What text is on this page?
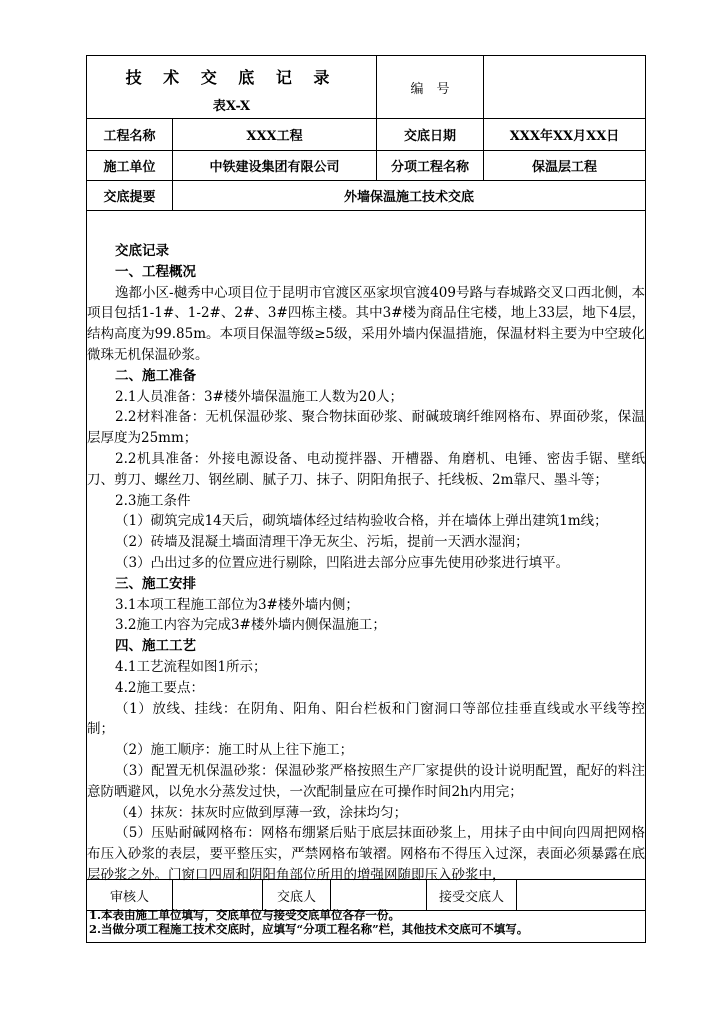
技 术 交 底 记 录
表X-X
编　号
工程名称	XXX工程	交底日期	XXX年XX月XX日
施工单位	中铁建设集团有限公司	分项工程名称	保温层工程
交底提要	外墙保温施工技术交底

交底记录

一、工程概况

逸都小区-樾秀中心项目位于昆明市官渡区巫家坝官渡409号路与春城路交叉口西北侧，本项目包括1-1#、1-2#、2#、3#四栋主楼。其中3#楼为商品住宅楼，地上33层，地下4层，结构高度为99.85m。本项目保温等级≥5级，采用外墙内保温措施，保温材料主要为中空玻化微珠无机保温砂浆。

二、施工准备

2.1人员准备：3#楼外墙保温施工人数为20人；

2.2材料准备：无机保温砂浆、聚合物抹面砂浆、耐碱玻璃纤维网格布、界面砂浆，保温层厚度为25mm；

2.2机具准备：外接电源设备、电动搅拌器、开槽器、角磨机、电锤、密齿手锯、壁纸刀、剪刀、螺丝刀、钢丝刷、腻子刀、抹子、阴阳角抿子、托线板、2m靠尺、墨斗等；

2.3施工条件

（1）砌筑完成14天后，砌筑墙体经过结构验收合格，并在墙体上弹出建筑1m线；

（2）砖墙及混凝土墙面清理干净无灰尘、污垢，提前一天洒水湿润；

（3）凸出过多的位置应进行剔除，凹陷进去部分应事先使用砂浆进行填平。

三、施工安排

3.1本项工程施工部位为3#楼外墙内侧；

3.2施工内容为完成3#楼外墙内侧保温施工；

四、施工工艺

4.1工艺流程如图1所示；

4.2施工要点：

（1）放线、挂线：在阴角、阳角、阳台栏板和门窗洞口等部位挂垂直线或水平线等控制；

（2）施工顺序：施工时从上往下施工；

（3）配置无机保温砂浆：保温砂浆严格按照生产厂家提供的设计说明配置，配好的料注意防晒避风，以免水分蒸发过快，一次配制量应在可操作时间2h内用完；

（4）抹灰：抹灰时应做到厚薄一致，涂抹均匀；

（5）压贴耐碱网格布：网格布绷紧后贴于底层抹面砂浆上，用抹子由中间向四周把网格布压入砂浆的表层，要平整压实，严禁网格布皱褶。网格布不得压入过深，表面必须暴露在底层砂浆之外。门窗口四周和阴阳角部位所用的增强网随即压入砂浆中，

审核人	交底人	接受交底人
1.本表由施工单位填写，交底单位与接受交底单位各存一份。
2.当做分项工程施工技术交底时，应填写“分项工程名称”栏，其他技术交底可不填写。
